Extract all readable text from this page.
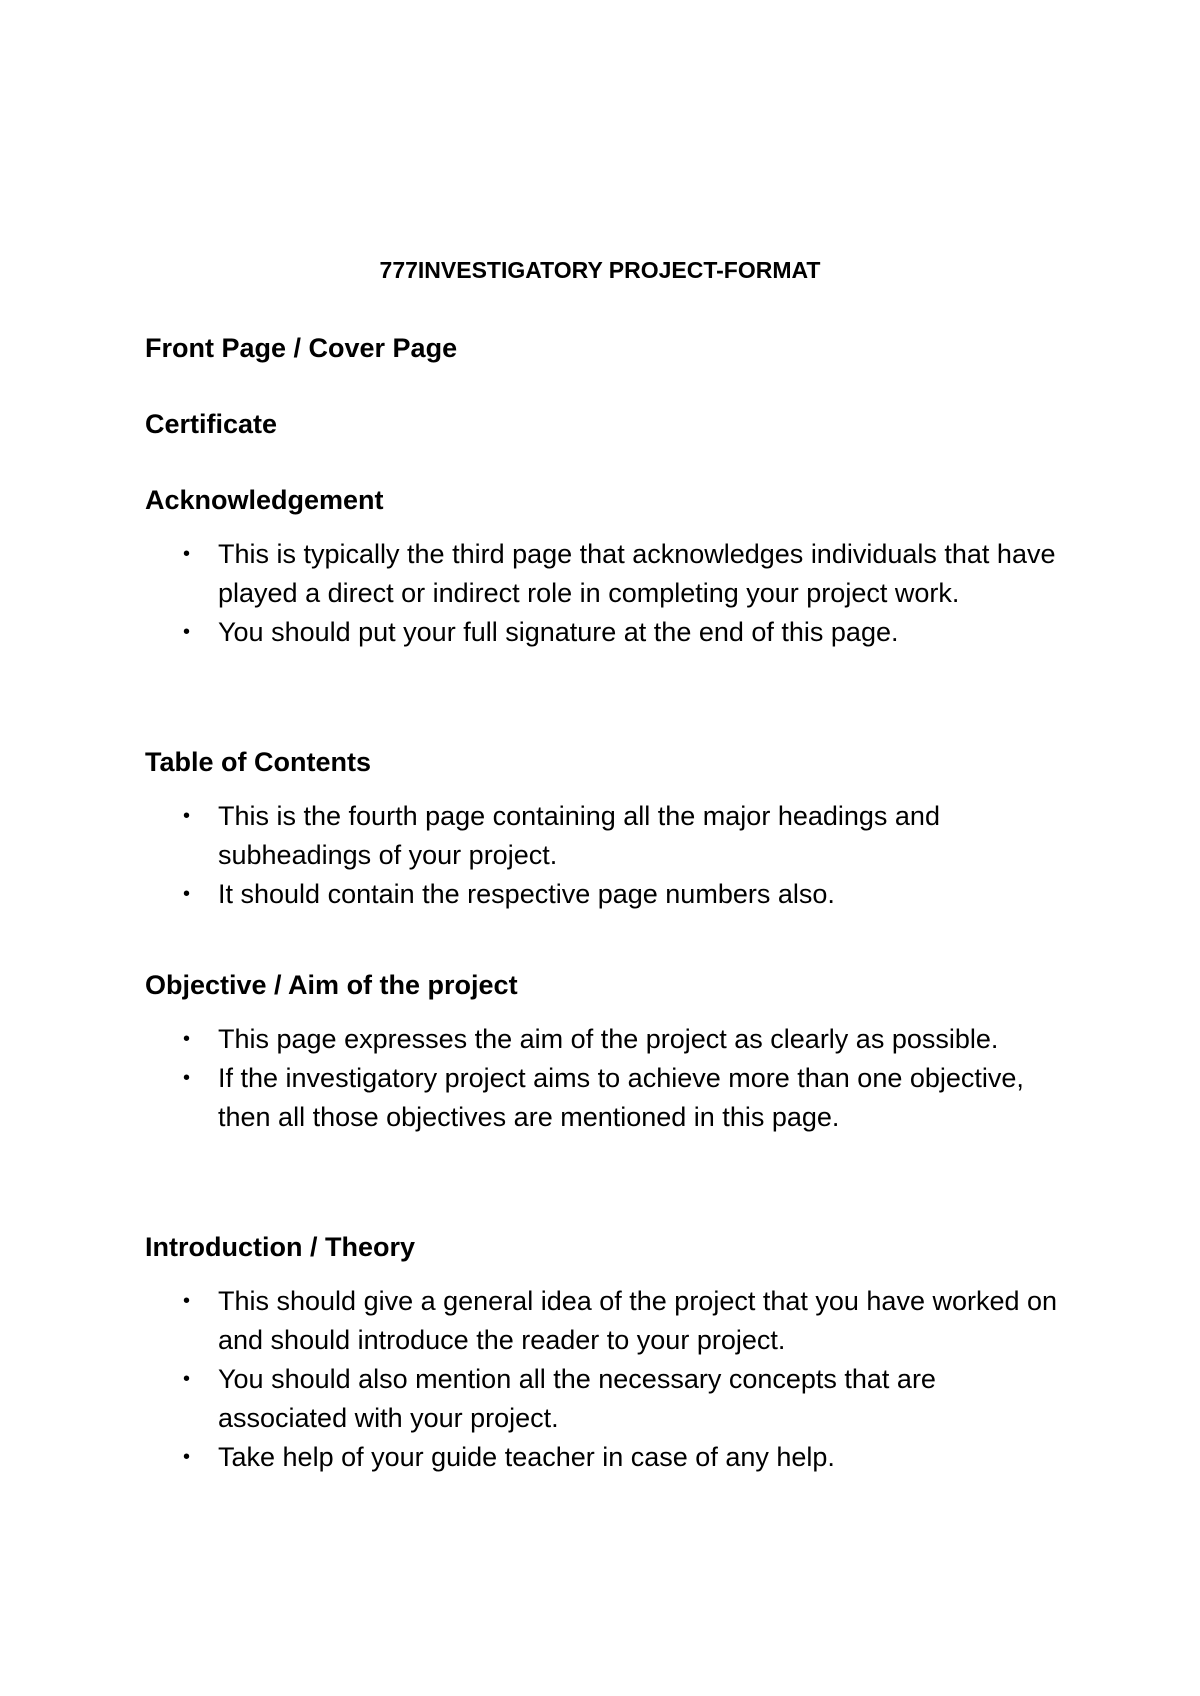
777INVESTIGATORY PROJECT-FORMAT
Front Page / Cover Page
Certificate
Acknowledgement
• This is typically the third page that acknowledges individuals that have played a direct or indirect role in completing your project work.
• You should put your full signature at the end of this page.
Table of Contents
• This is the fourth page containing all the major headings and subheadings of your project.
• It should contain the respective page numbers also.
Objective / Aim of the project
• This page expresses the aim of the project as clearly as possible.
• If the investigatory project aims to achieve more than one objective, then all those objectives are mentioned in this page.
Introduction / Theory
• This should give a general idea of the project that you have worked on and should introduce the reader to your project.
• You should also mention all the necessary concepts that are associated with your project.
• Take help of your guide teacher in case of any help.
